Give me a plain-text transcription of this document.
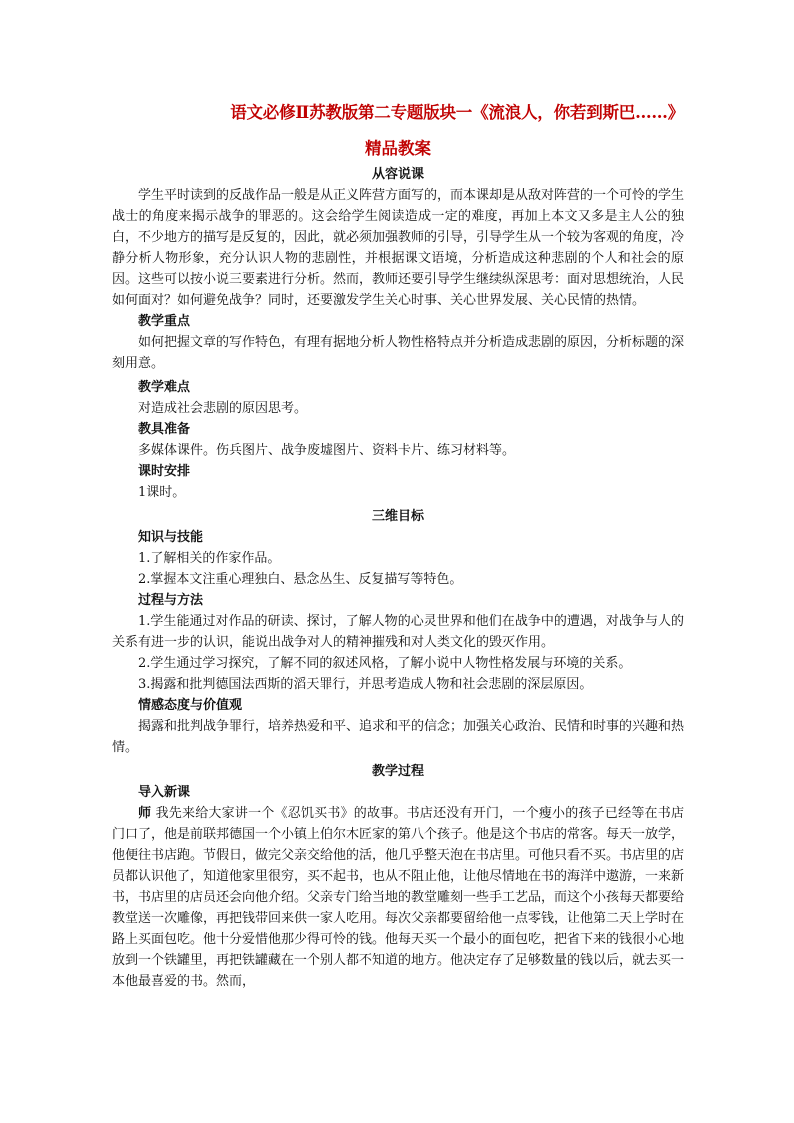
语文必修Ⅱ苏教版第二专题版块一《流浪人，你若到斯巴……》
精品教案
从容说课

学生平时读到的反战作品一般是从正义阵营方面写的，而本课却是从敌对阵营的一个可怜的学生战士的角度来揭示战争的罪恶的。这会给学生阅读造成一定的难度，再加上本文又多是主人公的独白，不少地方的描写是反复的，因此，就必须加强教师的引导，引导学生从一个较为客观的角度，冷静分析人物形象，充分认识人物的悲剧性，并根据课文语境，分析造成这种悲剧的个人和社会的原因。这些可以按小说三要素进行分析。然而，教师还要引导学生继续纵深思考：面对思想统治，人民如何面对？如何避免战争？同时，还要激发学生关心时事、关心世界发展、关心民情的热情。

教学重点

如何把握文章的写作特色，有理有据地分析人物性格特点并分析造成悲剧的原因，分析标题的深刻用意。

教学难点

对造成社会悲剧的原因思考。

教具准备

多媒体课件。伤兵图片、战争废墟图片、资料卡片、练习材料等。

课时安排

1课时。

三维目标
知识与技能

1.了解相关的作家作品。

2.掌握本文注重心理独白、悬念丛生、反复描写等特色。

过程与方法

1.学生能通过对作品的研读、探讨，了解人物的心灵世界和他们在战争中的遭遇，对战争与人的关系有进一步的认识，能说出战争对人的精神摧残和对人类文化的毁灭作用。

2.学生通过学习探究，了解不同的叙述风格，了解小说中人物性格发展与环境的关系。

3.揭露和批判德国法西斯的滔天罪行，并思考造成人物和社会悲剧的深层原因。

情感态度与价值观

揭露和批判战争罪行，培养热爱和平、追求和平的信念；加强关心政治、民情和时事的兴趣和热情。

教学过程
导入新课

师 我先来给大家讲一个《忍饥买书》的故事。书店还没有开门，一个瘦小的孩子已经等在书店门口了，他是前联邦德国一个小镇上伯尔木匠家的第八个孩子。他是这个书店的常客。每天一放学，他便往书店跑。节假日，做完父亲交给他的活，他几乎整天泡在书店里。可他只看不买。书店里的店员都认识他了，知道他家里很穷，买不起书，也从不阻止他，让他尽情地在书的海洋中遨游，一来新书，书店里的店员还会向他介绍。父亲专门给当地的教堂雕刻一些手工艺品，而这个小孩每天都要给教堂送一次雕像，再把钱带回来供一家人吃用。每次父亲都要留给他一点零钱，让他第二天上学时在路上买面包吃。他十分爱惜他那少得可怜的钱。他每天买一个最小的面包吃，把省下来的钱很小心地放到一个铁罐里，再把铁罐藏在一个别人都不知道的地方。他决定存了足够数量的钱以后，就去买一本他最喜爱的书。然而，
